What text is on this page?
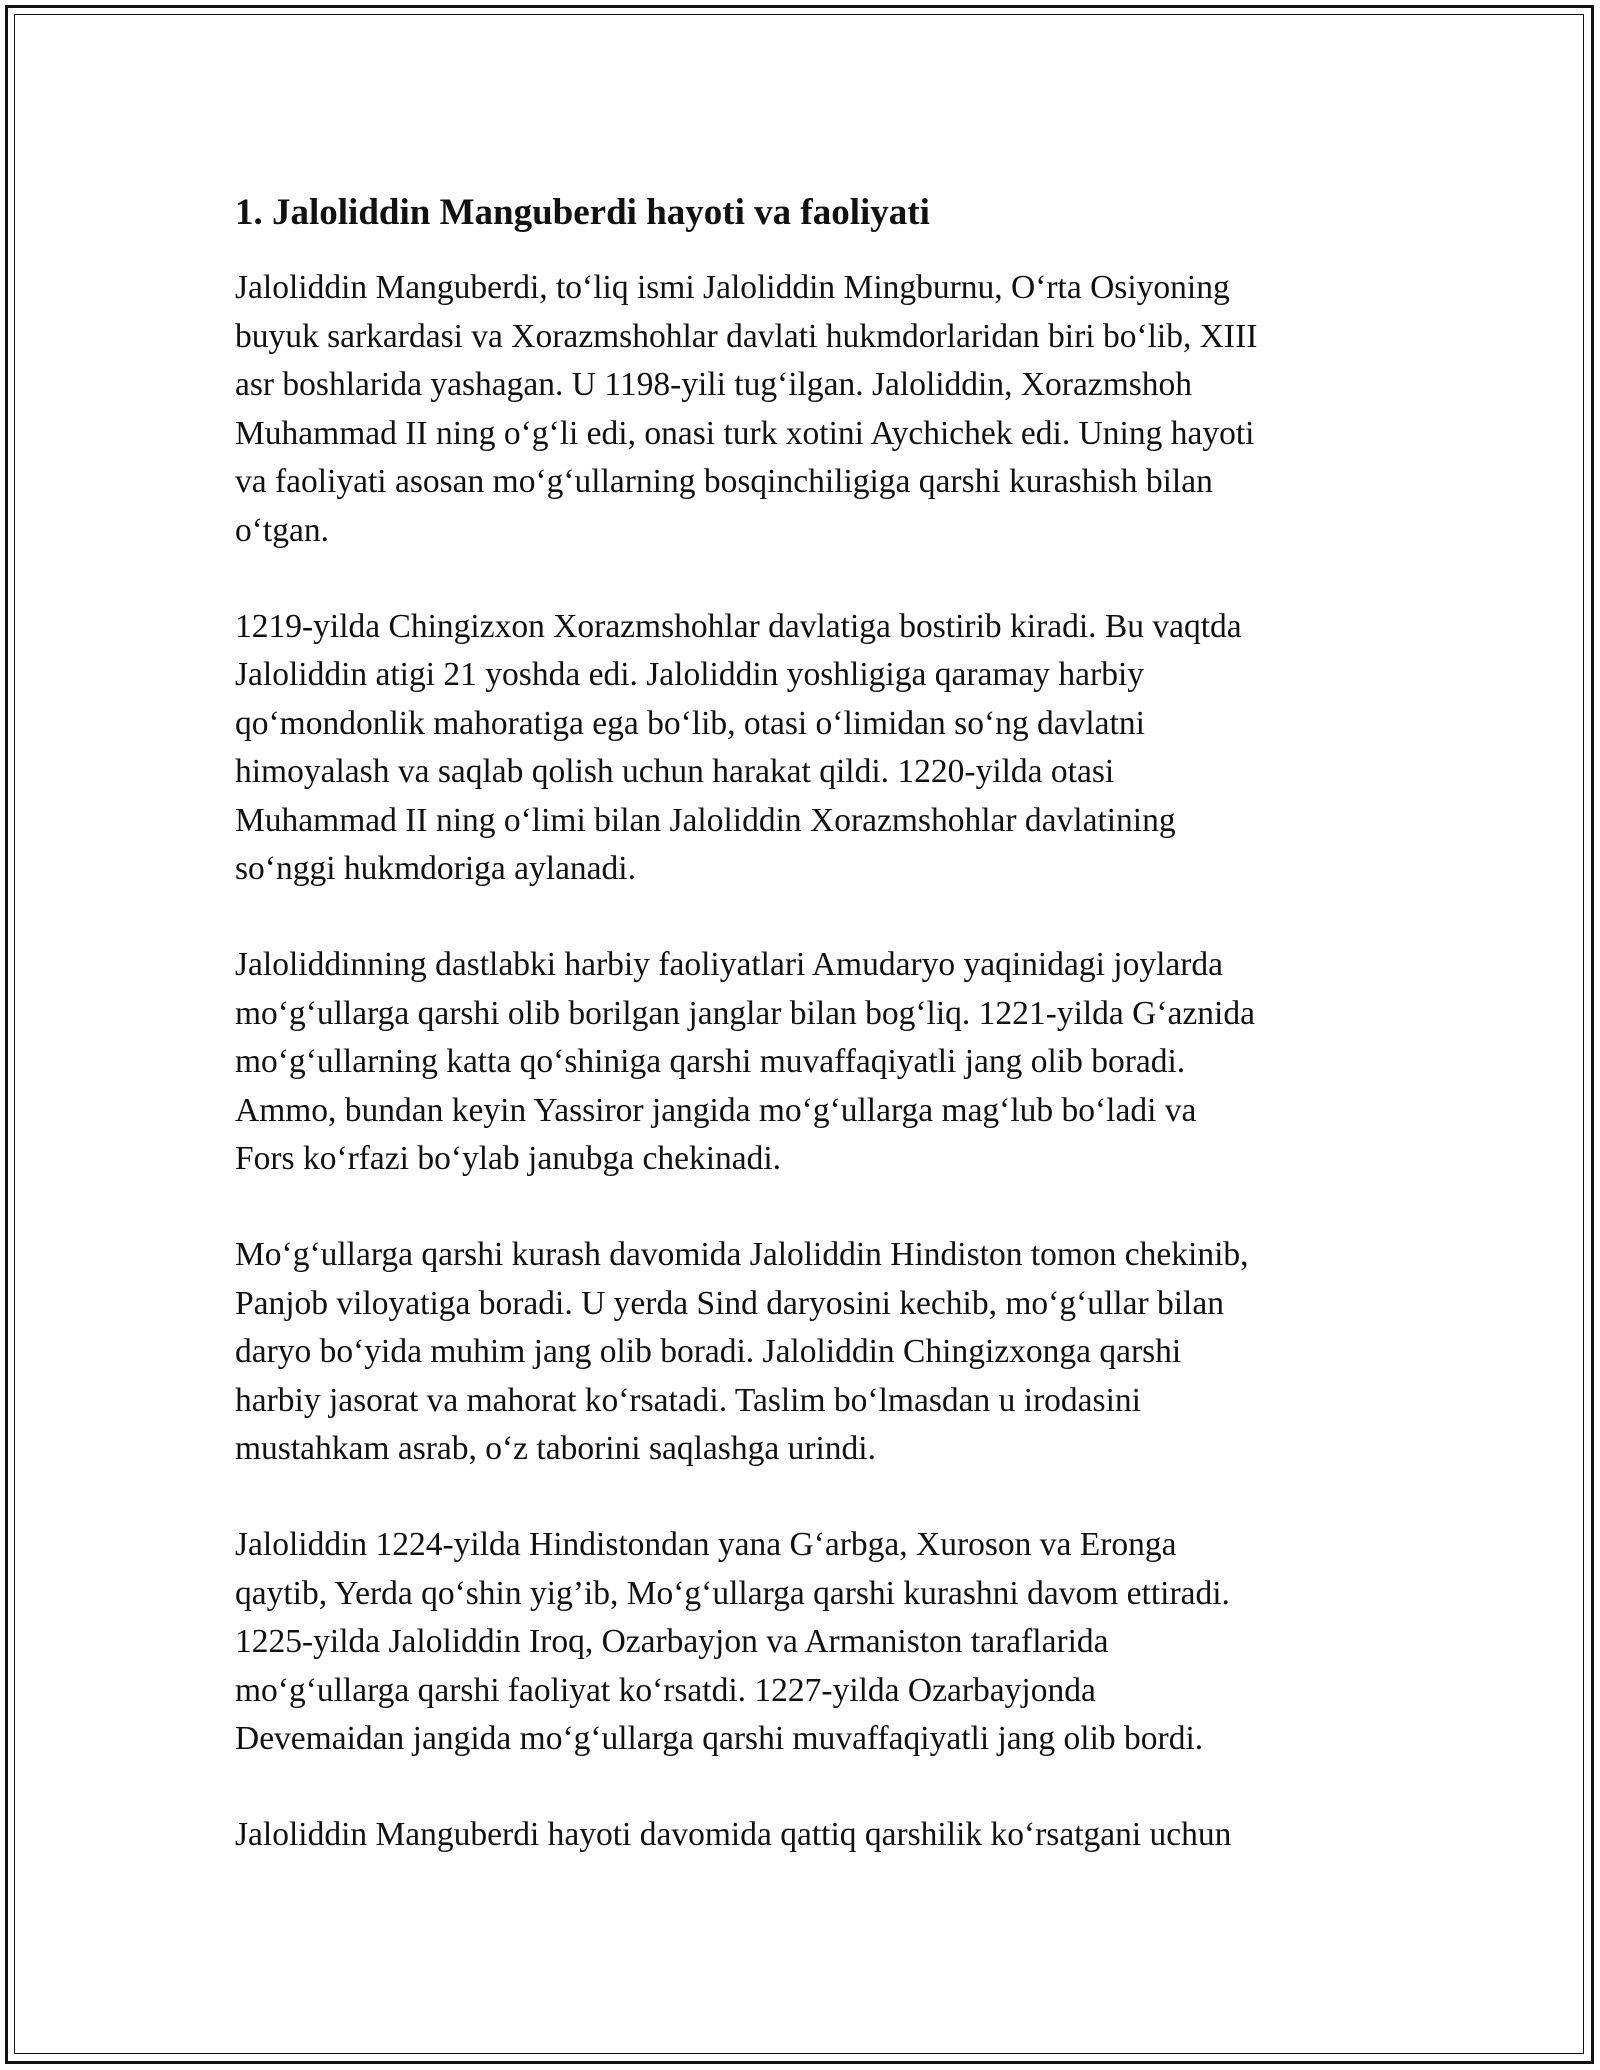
1. Jaloliddin Manguberdi hayoti va faoliyati

Jaloliddin Manguberdi, to‘liq ismi Jaloliddin Mingburnu, O‘rta Osiyoning
buyuk sarkardasi va Xorazmshohlar davlati hukmdorlaridan biri bo‘lib, XIII
asr boshlarida yashagan. U 1198-yili tug‘ilgan. Jaloliddin, Xorazmshoh
Muhammad II ning o‘g‘li edi, onasi turk xotini Aychichek edi. Uning hayoti
va faoliyati asosan mo‘g‘ullarning bosqinchiligiga qarshi kurashish bilan
o‘tgan.

1219-yilda Chingizxon Xorazmshohlar davlatiga bostirib kiradi. Bu vaqtda
Jaloliddin atigi 21 yoshda edi. Jaloliddin yoshligiga qaramay harbiy
qo‘mondonlik mahoratiga ega bo‘lib, otasi o‘limidan so‘ng davlatni
himoyalash va saqlab qolish uchun harakat qildi. 1220-yilda otasi
Muhammad II ning o‘limi bilan Jaloliddin Xorazmshohlar davlatining
so‘nggi hukmdoriga aylanadi.

Jaloliddinning dastlabki harbiy faoliyatlari Amudaryo yaqinidagi joylarda
mo‘g‘ullarga qarshi olib borilgan janglar bilan bog‘liq. 1221-yilda G‘aznida
mo‘g‘ullarning katta qo‘shiniga qarshi muvaffaqiyatli jang olib boradi.
Ammo, bundan keyin Yassiror jangida mo‘g‘ullarga mag‘lub bo‘ladi va
Fors ko‘rfazi bo‘ylab janubga chekinadi.

Mo‘g‘ullarga qarshi kurash davomida Jaloliddin Hindiston tomon chekinib,
Panjob viloyatiga boradi. U yerda Sind daryosini kechib, mo‘g‘ullar bilan
daryo bo‘yida muhim jang olib boradi. Jaloliddin Chingizxonga qarshi
harbiy jasorat va mahorat ko‘rsatadi. Taslim bo‘lmasdan u irodasini
mustahkam asrab, o‘z taborini saqlashga urindi.

Jaloliddin 1224-yilda Hindistondan yana G‘arbga, Xuroson va Eronga
qaytib, Yerda qo‘shin yig’ib, Mo‘g‘ullarga qarshi kurashni davom ettiradi.
1225-yilda Jaloliddin Iroq, Ozarbayjon va Armaniston taraflarida
mo‘g‘ullarga qarshi faoliyat ko‘rsatdi. 1227-yilda Ozarbayjonda
Devemaidan jangida mo‘g‘ullarga qarshi muvaffaqiyatli jang olib bordi.

Jaloliddin Manguberdi hayoti davomida qattiq qarshilik ko‘rsatgani uchun
